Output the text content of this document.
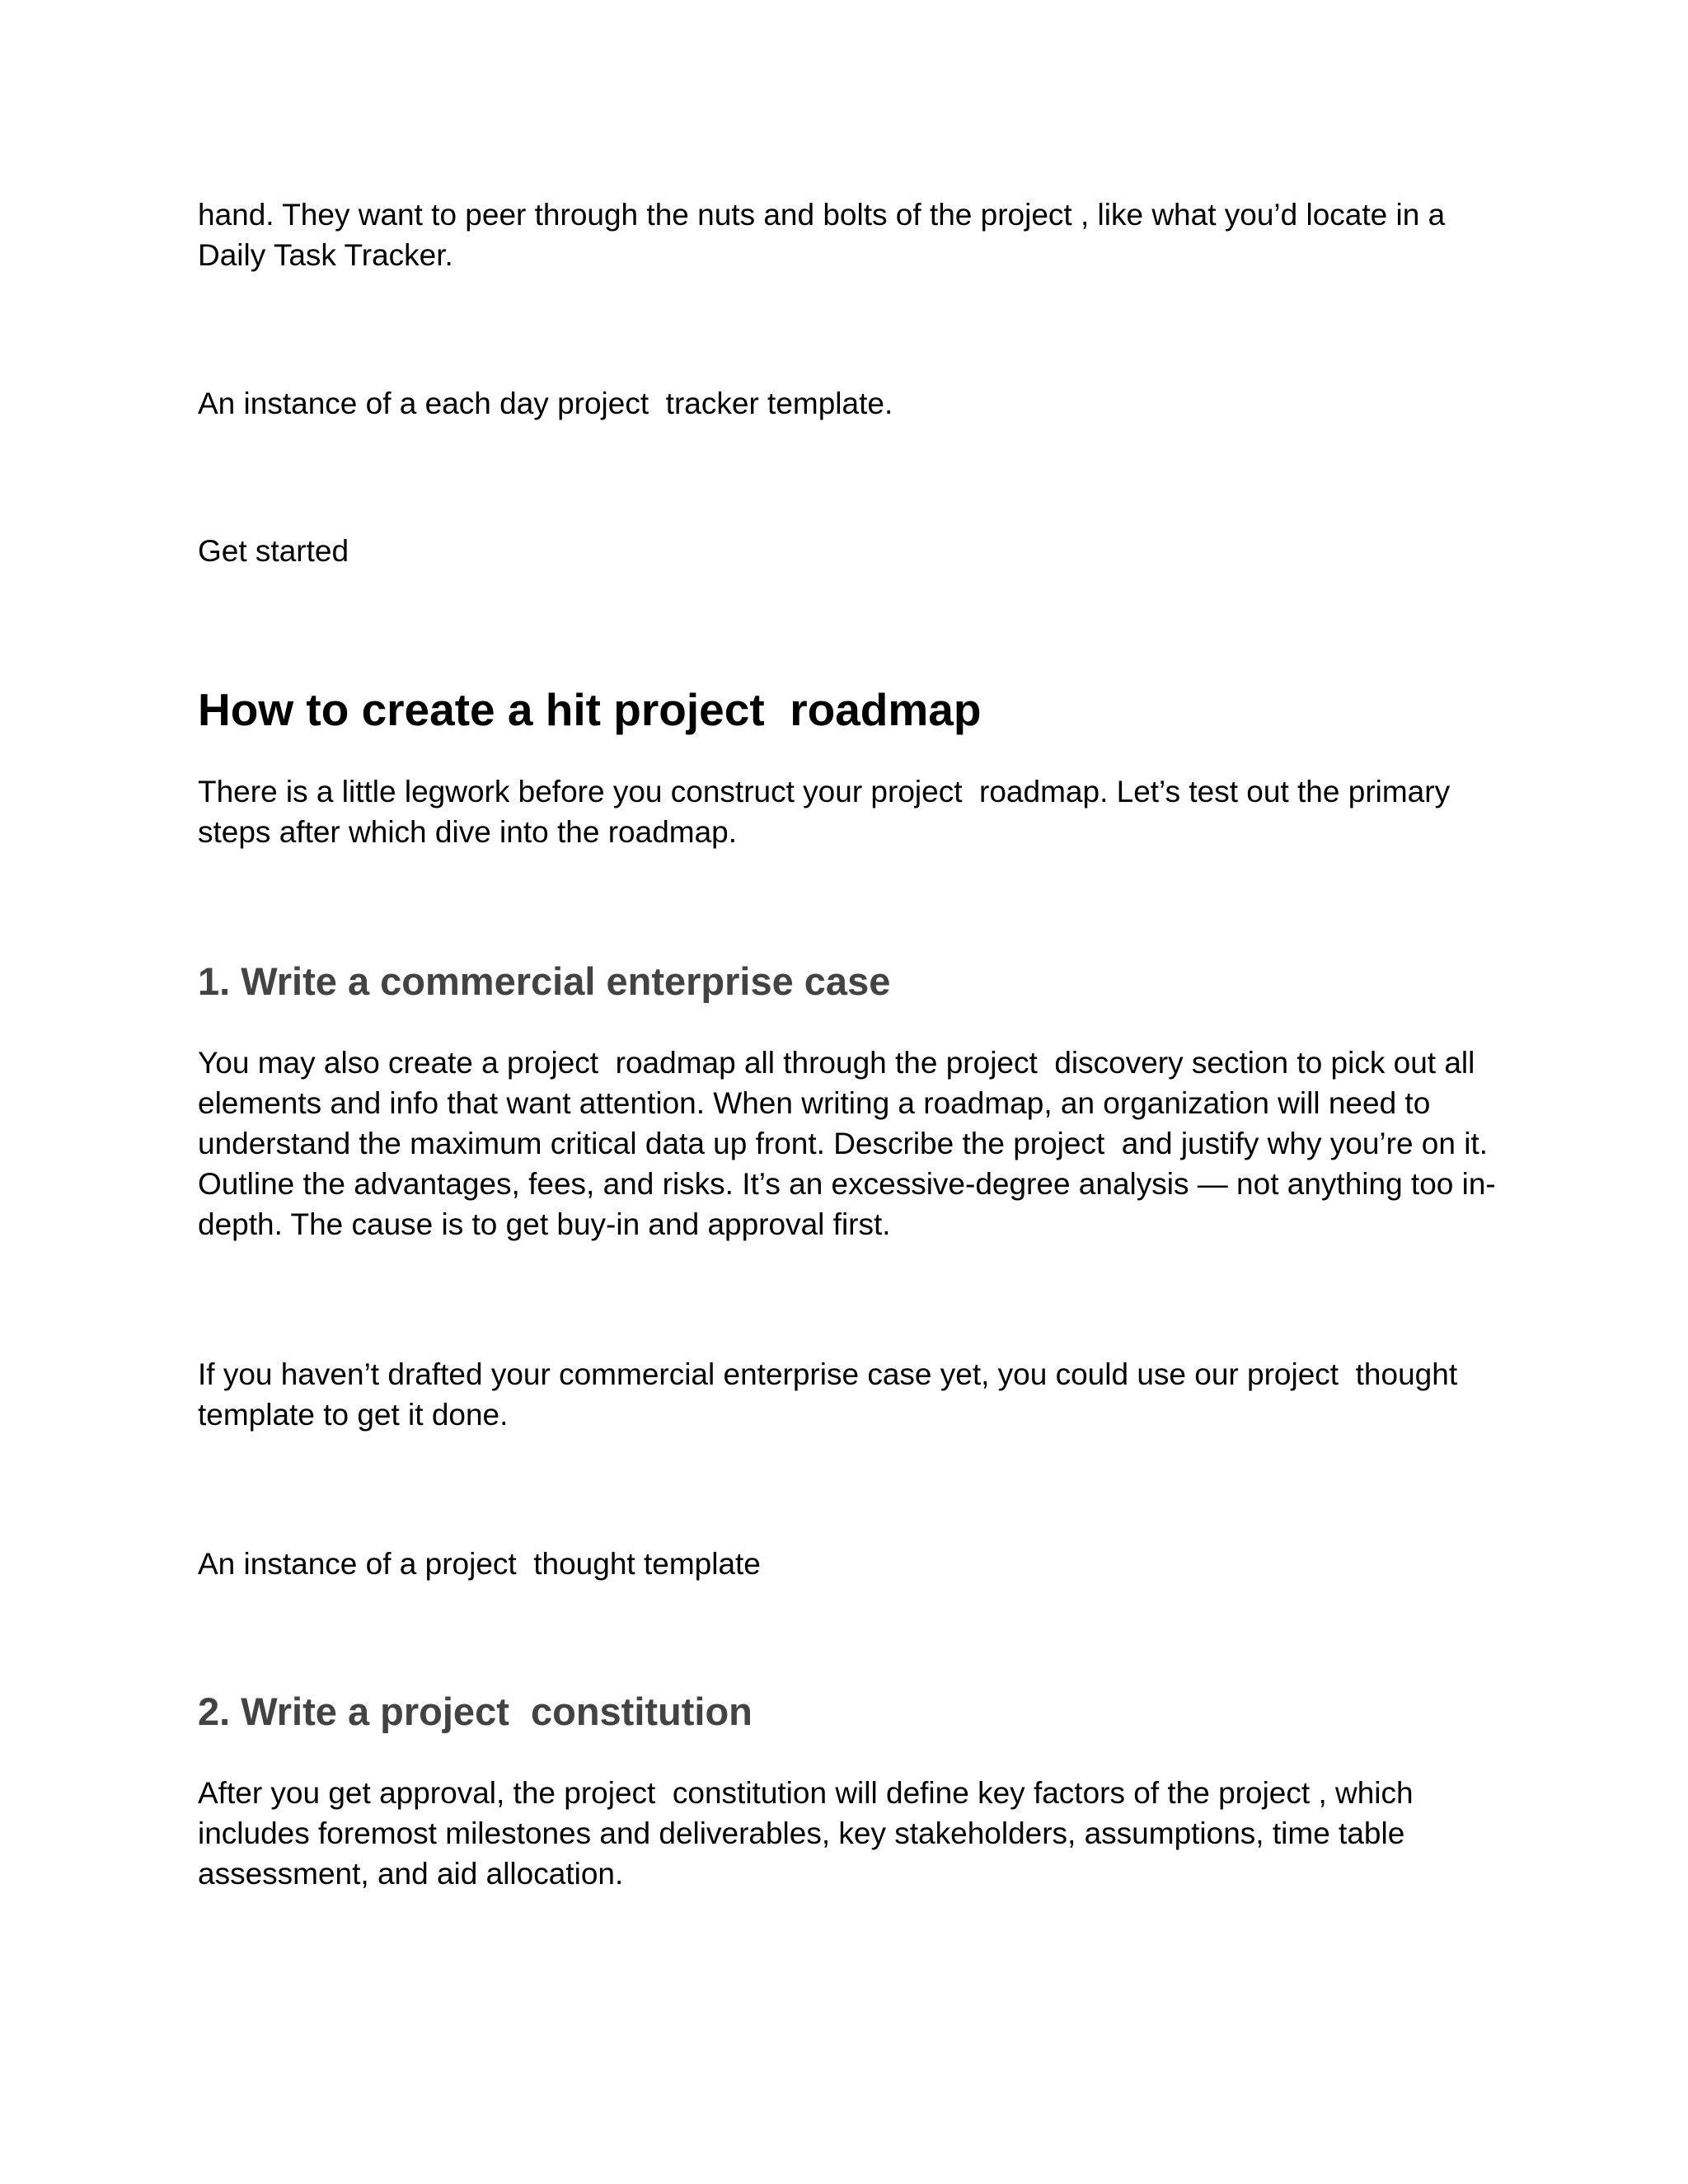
hand. They want to peer through the nuts and bolts of the project , like what you’d locate in a Daily Task Tracker.

An instance of a each day project  tracker template.

Get started

How to create a hit project  roadmap

There is a little legwork before you construct your project  roadmap. Let’s test out the primary steps after which dive into the roadmap.

1. Write a commercial enterprise case

You may also create a project  roadmap all through the project  discovery section to pick out all elements and info that want attention. When writing a roadmap, an organization will need to understand the maximum critical data up front. Describe the project  and justify why you’re on it. Outline the advantages, fees, and risks. It’s an excessive-degree analysis — not anything too in-depth. The cause is to get buy-in and approval first.

If you haven’t drafted your commercial enterprise case yet, you could use our project  thought template to get it done.

An instance of a project  thought template

2. Write a project  constitution

After you get approval, the project  constitution will define key factors of the project , which includes foremost milestones and deliverables, key stakeholders, assumptions, time table assessment, and aid allocation.
